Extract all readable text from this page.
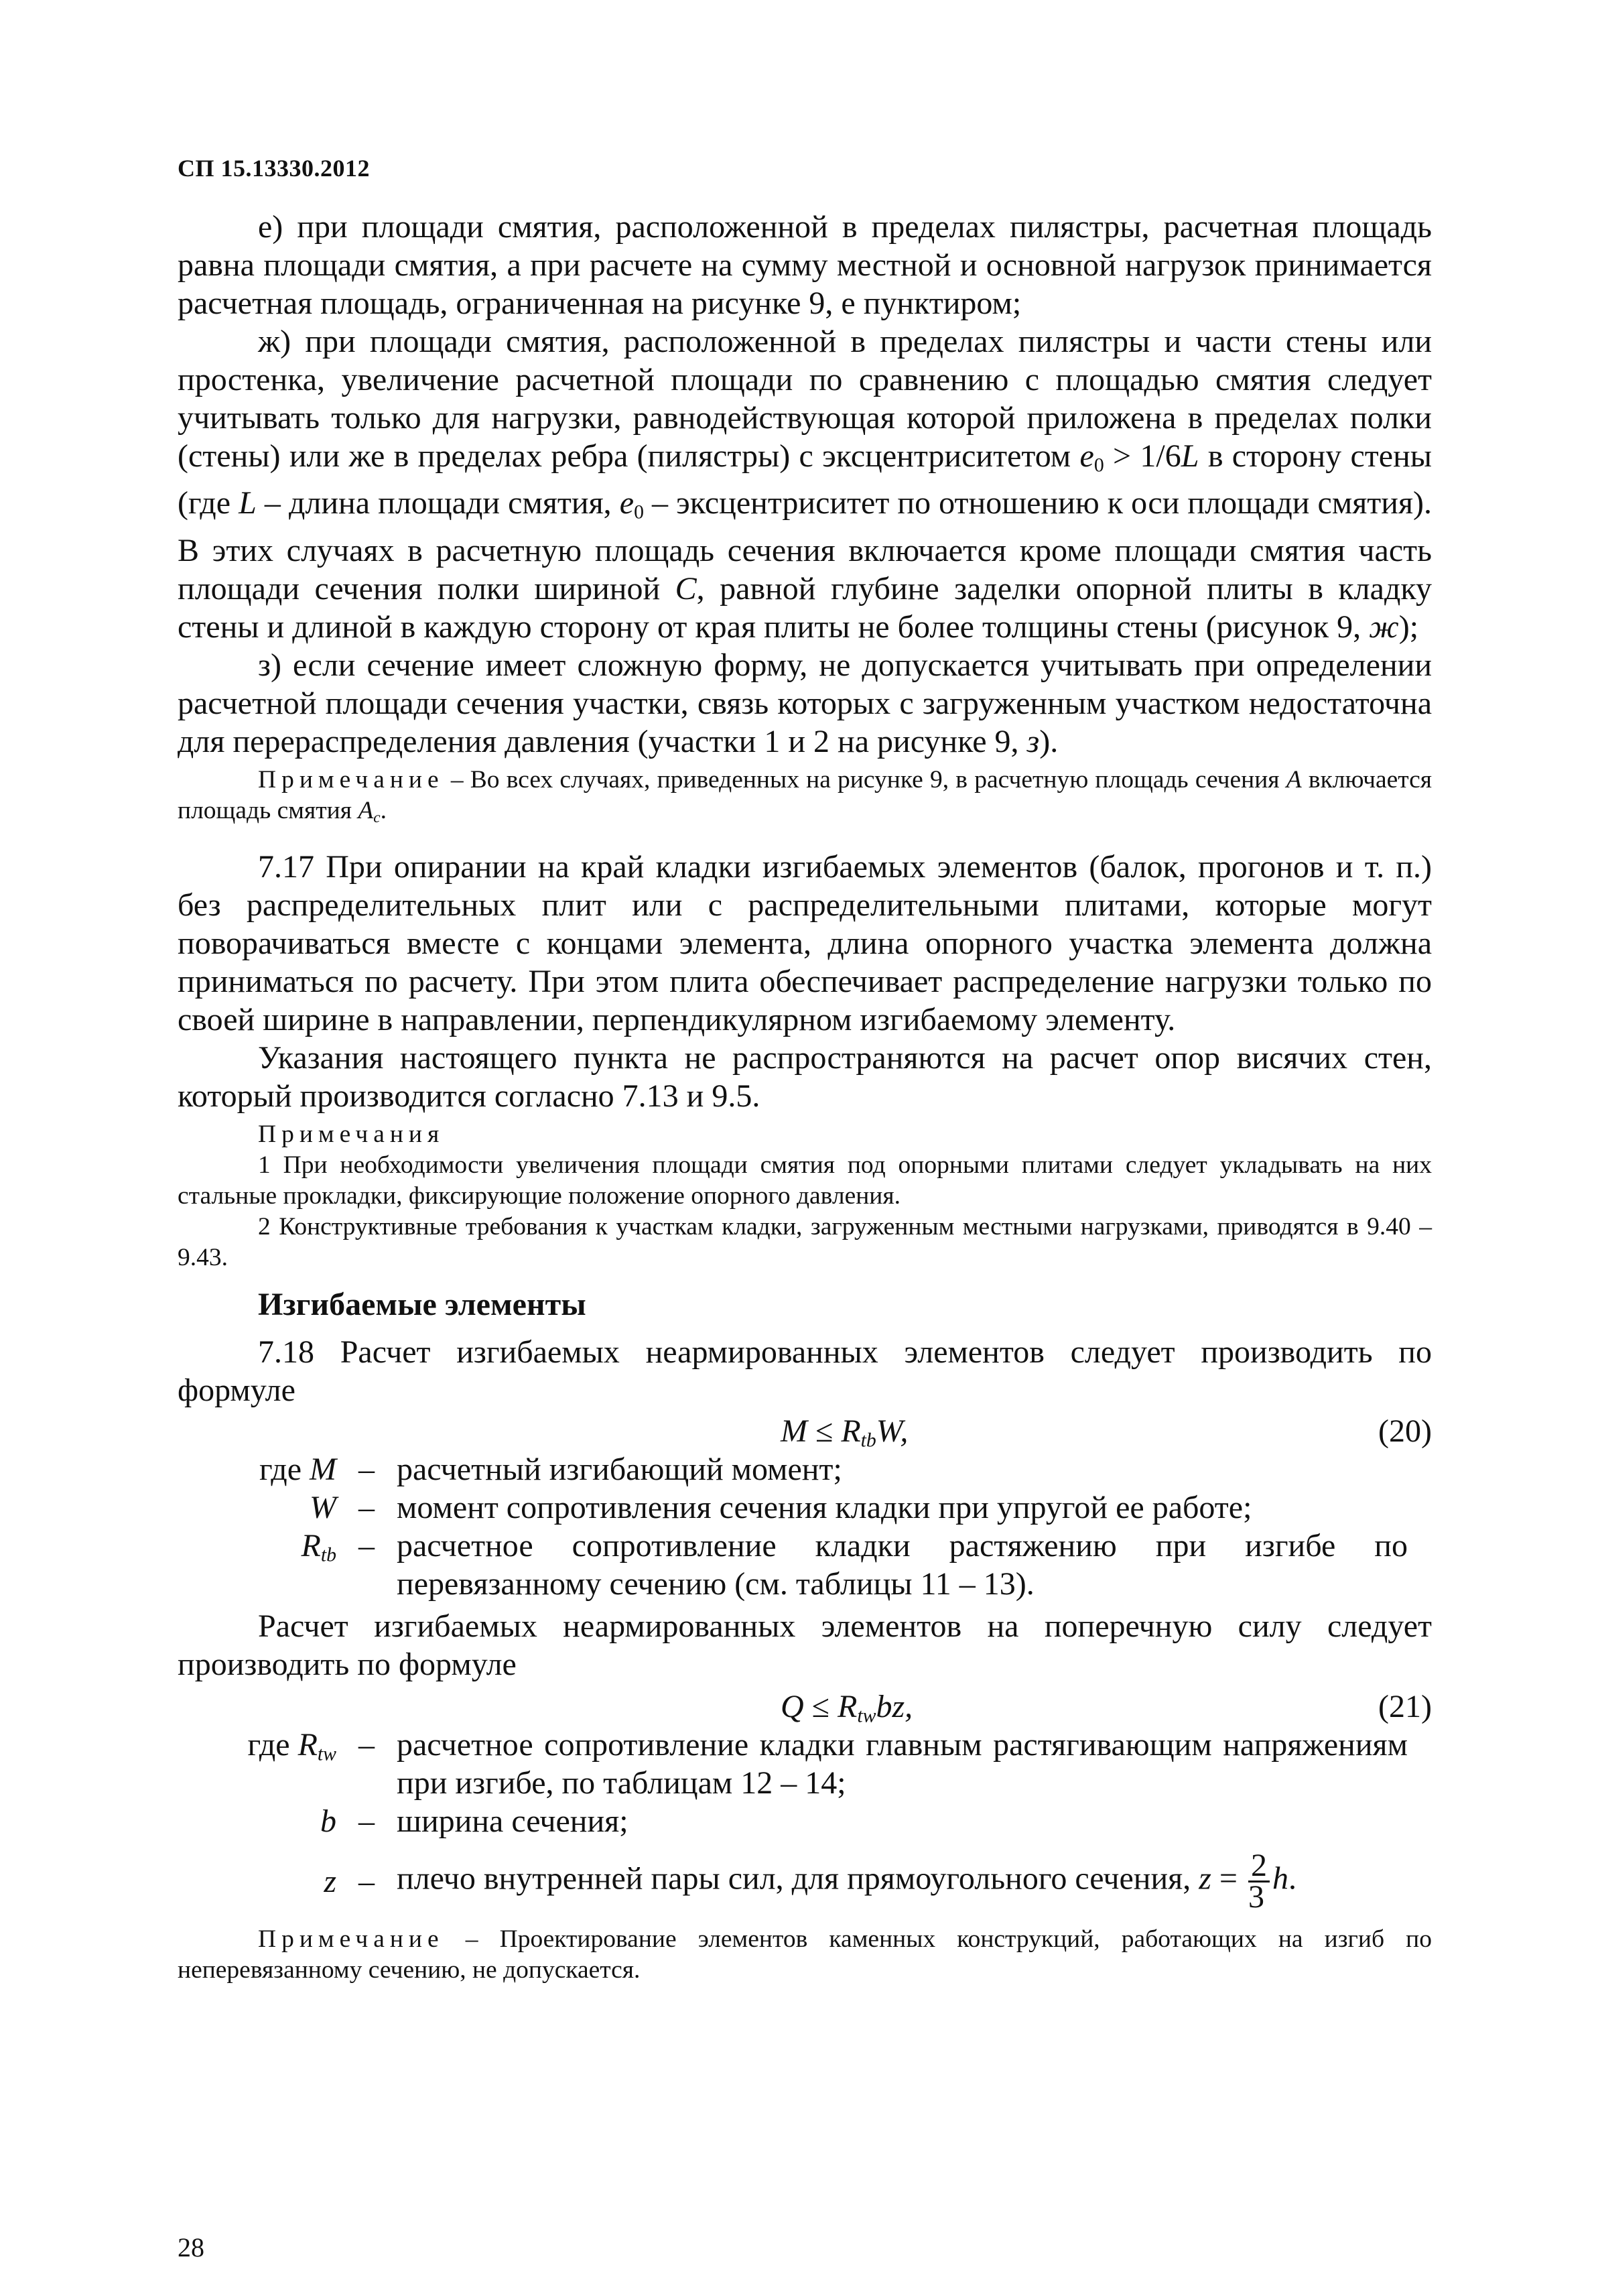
СП 15.13330.2012

е) при площади смятия, расположенной в пределах пилястры, расчетная площадь равна площади смятия, а при расчете на сумму местной и основной нагрузок принимается расчетная площадь, ограниченная на рисунке 9, е пунктиром;

ж) при площади смятия, расположенной в пределах пилястры и части стены или простенка, увеличение расчетной площади по сравнению с площадью смятия следует учитывать только для нагрузки, равнодействующая которой приложена в пределах полки (стены) или же в пределах ребра (пилястры) с эксцентриситетом $e_0 > 1/6L$ в сторону стены (где L – длина площади смятия, $e_0$ – эксцентриситет по отношению к оси площади смятия). В этих случаях в расчетную площадь сечения включается кроме площади смятия часть площади сечения полки шириной C, равной глубине заделки опорной плиты в кладку стены и длиной в каждую сторону от края плиты не более толщины стены (рисунок 9, ж);

з) если сечение имеет сложную форму, не допускается учитывать при определении расчетной площади сечения участки, связь которых с загруженным участком недостаточна для перераспределения давления (участки 1 и 2 на рисунке 9, з).

Примечание – Во всех случаях, приведенных на рисунке 9, в расчетную площадь сечения A включается площадь смятия $A_c$.

7.17 При опирании на край кладки изгибаемых элементов (балок, прогонов и т. п.) без распределительных плит или с распределительными плитами, которые могут поворачиваться вместе с концами элемента, длина опорного участка элемента должна приниматься по расчету. При этом плита обеспечивает распределение нагрузки только по своей ширине в направлении, перпендикулярном изгибаемому элементу.

Указания настоящего пункта не распространяются на расчет опор висячих стен, который производится согласно 7.13 и 9.5.

Примечания

1 При необходимости увеличения площади смятия под опорными плитами следует укладывать на них стальные прокладки, фиксирующие положение опорного давления.

2 Конструктивные требования к участкам кладки, загруженным местными нагрузками, приводятся в 9.40 – 9.43.

Изгибаемые элементы

7.18 Расчет изгибаемых неармированных элементов следует производить по формуле

$M \le R_{tb}W$,	(20)
где M – расчетный изгибающий момент;
W – момент сопротивления сечения кладки при упругой ее работе;
$R_{tb}$ – расчетное сопротивление кладки растяжению при изгибе по перевязанному сечению (см. таблицы 11 – 13).

Расчет изгибаемых неармированных элементов на поперечную силу следует производить по формуле

$Q \le R_{tw}bz$,	(21)
где $R_{tw}$ – расчетное сопротивление кладки главным растягивающим напряжениям при изгибе, по таблицам 12 – 14;
b – ширина сечения;
z – плечо внутренней пары сил, для прямоугольного сечения, $z = \frac{2}{3} h$.

Примечание – Проектирование элементов каменных конструкций, работающих на изгиб по неперевязанному сечению, не допускается.

28
